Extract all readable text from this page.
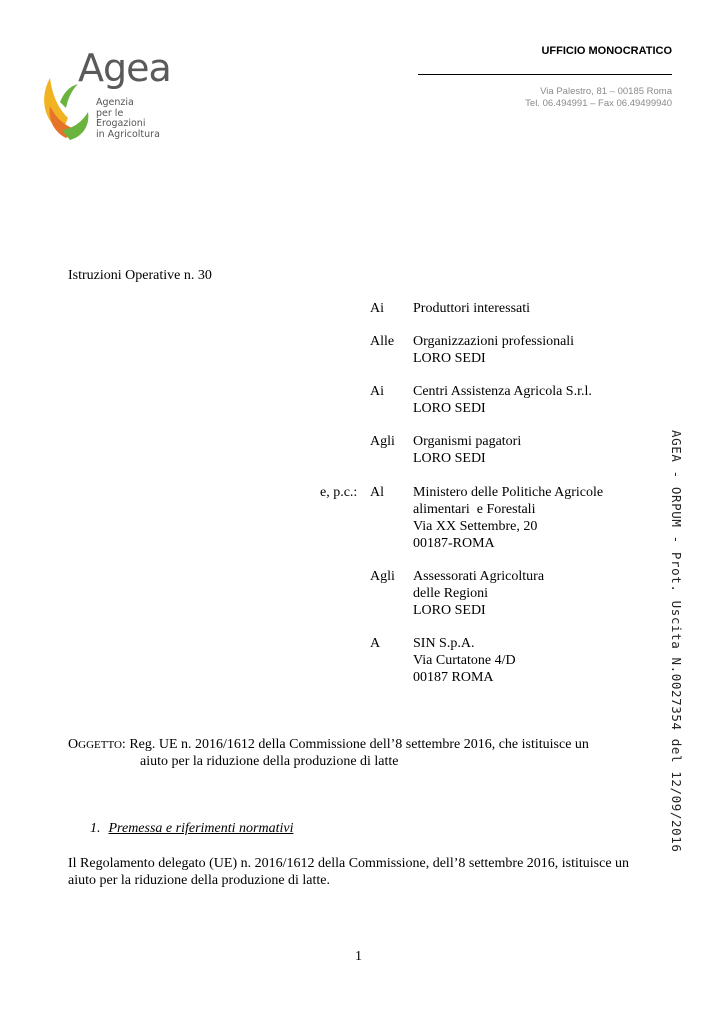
Agea
Agenzia
per le Erogazioni
in Agricoltura
UFFICIO MONOCRATICO
Via Palestro, 81 – 00185 Roma
Tel. 06.494991 – Fax 06.49499940
Istruzioni Operative n. 30
Ai Produttori interessati
Alle Organizzazioni professionali
LORO SEDI
Ai Centri Assistenza Agricola S.r.l.
LORO SEDI
Agli Organismi pagatori
LORO SEDI
e, p.c.: Al Ministero delle Politiche Agricole
alimentari  e Forestali
Via XX Settembre, 20
00187-ROMA
Agli Assessorati Agricoltura
delle Regioni
LORO SEDI
A SIN S.p.A.
Via Curtatone 4/D
00187 ROMA
OGGETTO: Reg. UE n. 2016/1612 della Commissione dell’8 settembre 2016, che istituisce un
aiuto per la riduzione della produzione di latte
1. Premessa e riferimenti normativi
Il Regolamento delegato (UE) n. 2016/1612 della Commissione, dell’8 settembre 2016, istituisce un
aiuto per la riduzione della produzione di latte.
1
AGEA - ORPUM - Prot. Uscita N.0027354 del 12/09/2016
